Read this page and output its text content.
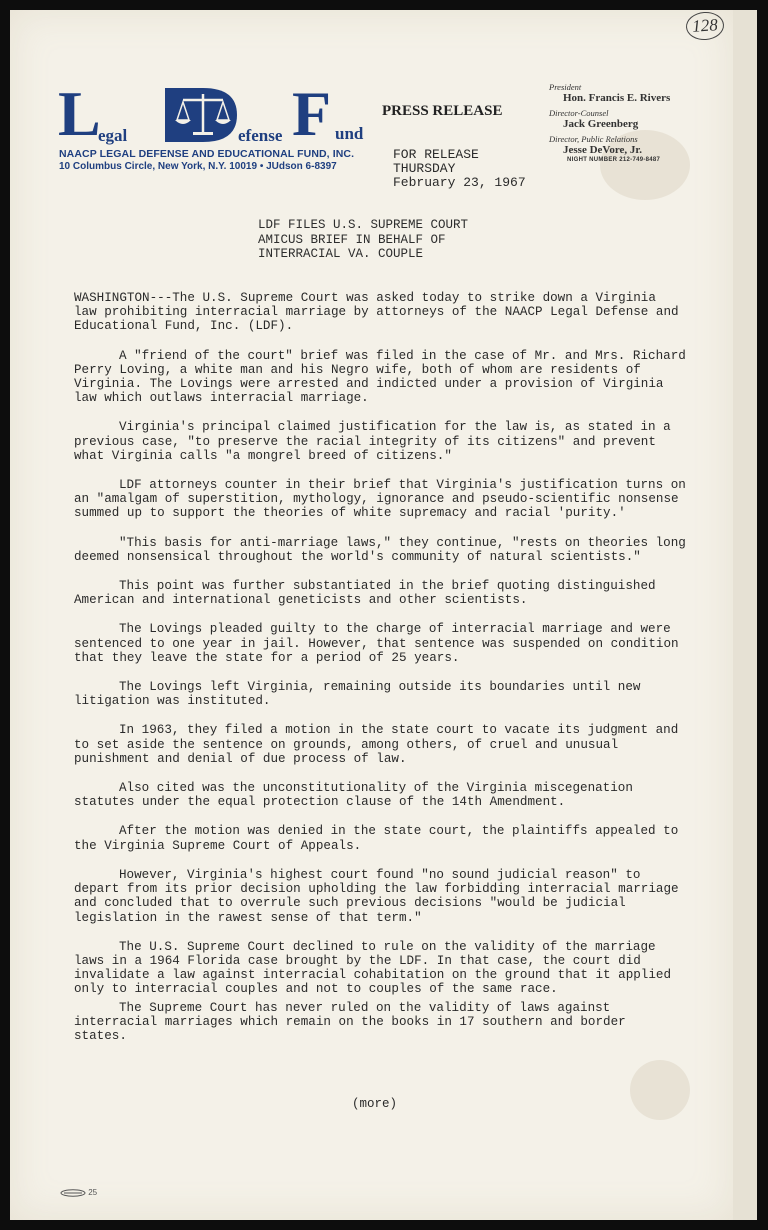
128
L
egal	efense F und
NAACP LEGAL DEFENSE AND EDUCATIONAL FUND, INC.
10 Columbus Circle, New York, N.Y. 10019 • JUdson 6-8397
PRESS RELEASE
President
Hon. Francis E. Rivers
Director-Counsel
Jack Greenberg
Director, Public Relations
Jesse DeVore, Jr.
NIGHT NUMBER 212-749-8487
FOR RELEASE
THURSDAY
February 23, 1967
LDF FILES U.S. SUPREME COURT
AMICUS BRIEF IN BEHALF OF
INTERRACIAL VA. COUPLE

WASHINGTON---The U.S. Supreme Court was asked today to strike down a Virginia law prohibiting interracial marriage by attorneys of the NAACP Legal Defense and Educational Fund, Inc. (LDF).

A "friend of the court" brief was filed in the case of Mr. and Mrs. Richard Perry Loving, a white man and his Negro wife, both of whom are residents of Virginia. The Lovings were arrested and indicted under a provision of Virginia law which outlaws interracial marriage.

Virginia's principal claimed justification for the law is, as stated in a previous case, "to preserve the racial integrity of its citizens" and prevent what Virginia calls "a mongrel breed of citizens."

LDF attorneys counter in their brief that Virginia's justification turns on an "amalgam of superstition, mythology, ignorance and pseudo-scientific nonsense summed up to support the theories of white supremacy and racial 'purity.'

"This basis for anti-marriage laws," they continue, "rests on theories long deemed nonsensical throughout the world's community of natural scientists."

This point was further substantiated in the brief quoting distinguished American and international geneticists and other scientists.

The Lovings pleaded guilty to the charge of interracial marriage and were sentenced to one year in jail. However, that sentence was suspended on condition that they leave the state for a period of 25 years.

The Lovings left Virginia, remaining outside its boundaries until new litigation was instituted.

In 1963, they filed a motion in the state court to vacate its judgment and to set aside the sentence on grounds, among others, of cruel and unusual punishment and denial of due process of law.

Also cited was the unconstitutionality of the Virginia miscegenation statutes under the equal protection clause of the 14th Amendment.

After the motion was denied in the state court, the plaintiffs appealed to the Virginia Supreme Court of Appeals.

However, Virginia's highest court found "no sound judicial reason" to depart from its prior decision upholding the law forbidding interracial marriage and concluded that to overrule such previous decisions "would be judicial legislation in the rawest sense of that term."

The U.S. Supreme Court declined to rule on the validity of the marriage laws in a 1964 Florida case brought by the LDF. In that case, the court did invalidate a law against interracial cohabitation on the ground that it applied only to interracial couples and not to couples of the same race.

The Supreme Court has never ruled on the validity of laws against interracial marriages which remain on the books in 17 southern and border states.

(more)
25
